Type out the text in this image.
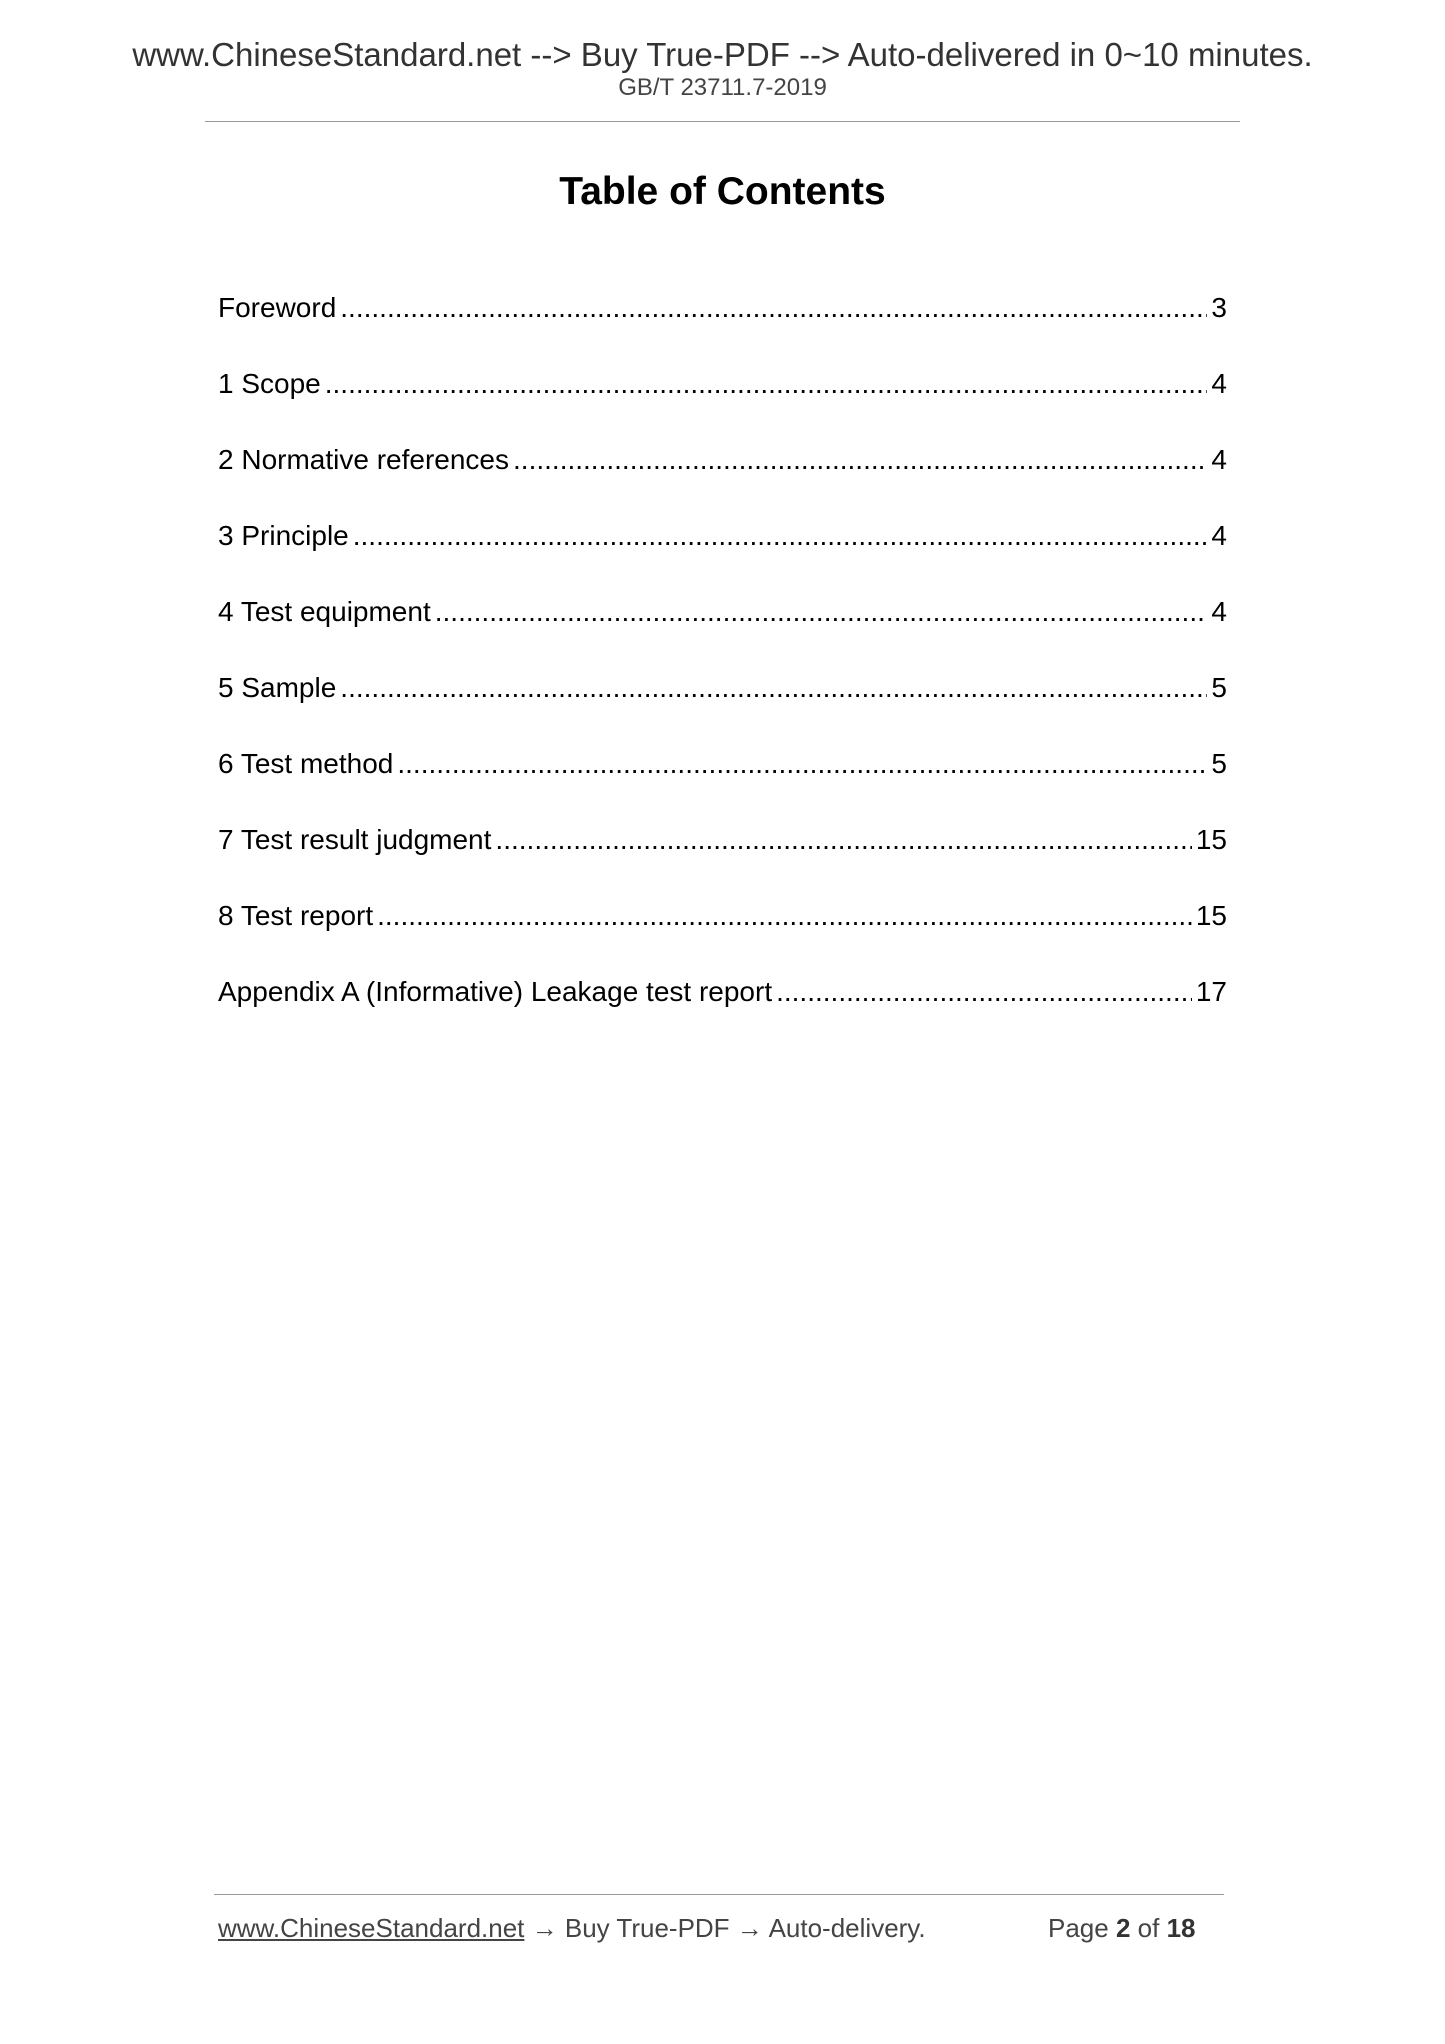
www.ChineseStandard.net --> Buy True-PDF --> Auto-delivered in 0~10 minutes.
GB/T 23711.7-2019
Table of Contents
Foreword .....	3
1 Scope .....	4
2 Normative references .....	4
3 Principle .....	4
4 Test equipment .....	4
5 Sample .....	5
6 Test method .....	5
7 Test result judgment .....	15
8 Test report .....	15
Appendix A (Informative) Leakage test report .....	17
www.ChineseStandard.net → Buy True-PDF → Auto-delivery.	Page 2 of 18
